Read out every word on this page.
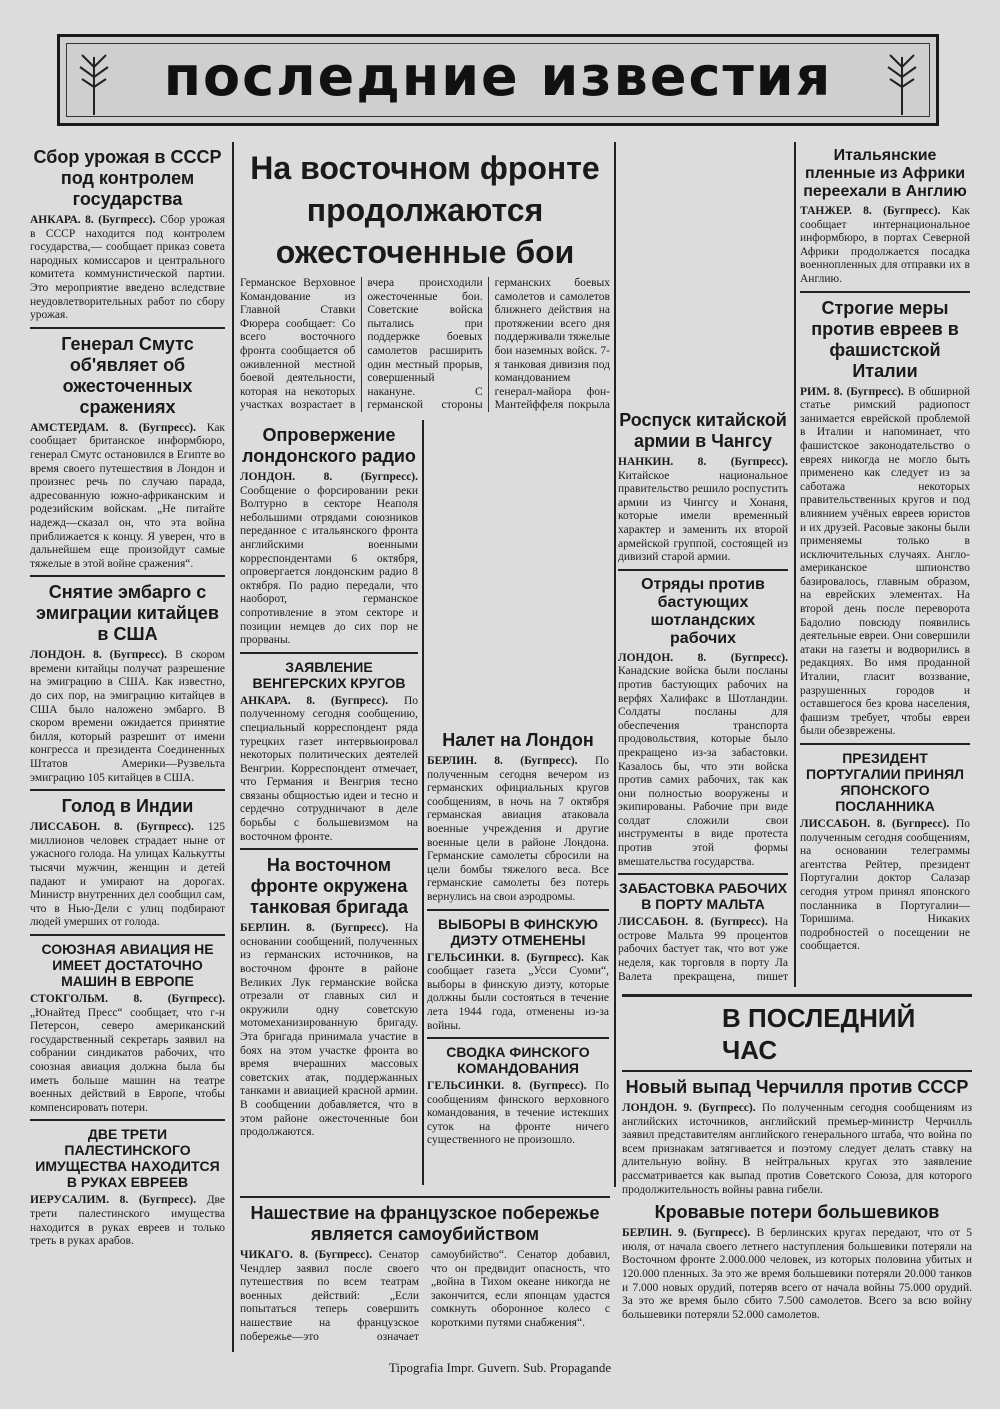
последние известия
Сбор урожая в СССР под контролем государства

АНКАРА. 8. (Бугпресс). Сбор урожая в СССР находится под контролем государства,— сообщает приказ совета народных комиссаров и центрального комитета коммунистической партии. Это мероприятие введено вследствие неудовлетворительных работ по сбору урожая.

Генерал Смутс об'являет об ожесточенных сражениях

АМСТЕРДАМ. 8. (Бугпресс). Как сообщает британское информбюро, генерал Смутс остановился в Египте во время своего путешествия в Лондон и произнес речь по случаю парада, адресованную южно-африканским и родезийским войскам. „Не питайте надежд—сказал он, что эта война приближается к концу. Я уверен, что в дальнейшем еще произойдут самые тяжелые в этой войне сражения“.

Снятие эмбарго с эмиграции китайцев в США

ЛОНДОН. 8. (Бугпресс). В скором времени китайцы получат разрешение на эмиграцию в США. Как известно, до сих пор, на эмиграцию китайцев в США было наложено эмбарго. В скором времени ожидается принятие билля, который разрешит от имени конгресса и президента Соединенных Штатов Америки—Рузвельта эмиграцию 105 китайцев в США.

Голод в Индии

ЛИССАБОН. 8. (Бугпресс). 125 миллионов человек страдает ныне от ужасного голода. На улицах Калькутты тысячи мужчин, женщин и детей падают и умирают на дорогах. Министр внутренних дел сообщил сам, что в Нью-Дели с улиц подбирают людей умерших от голода.

СОЮЗНАЯ АВИАЦИЯ НЕ ИМЕЕТ ДОСТАТОЧНО МАШИН В ЕВРОПЕ

СТОКГОЛЬМ. 8. (Бугпресс). „Юнайтед Пресс“ сообщает, что г-н Петерсон, северо американский государственный секретарь заявил на собрании синдикатов рабочих, что союзная авиация должна была бы иметь больше машин на театре военных действий в Европе, чтобы компенсировать потери.

ДВЕ ТРЕТИ ПАЛЕСТИНСКОГО ИМУЩЕСТВА НАХОДИТСЯ В РУКАХ ЕВРЕЕВ

ИЕРУСАЛИМ. 8. (Бугпресс). Две трети палестинского имущества находится в руках евреев и только треть в руках арабов.

На восточном фронте продолжаются ожесточенные бои

Германское Верховное Командование из Главной Ставки Фюрера сообщает: Со всего восточного фронта сообщается об оживленной местной боевой деятельности, которая на некоторых участках возрастает в вчера происходили ожесточенные бои. Советские войска пытались при поддержке боевых самолетов расширить один местный прорыв, совершенный накануне. С германской стороны германских боевых самолетов и самолетов ближнего действия на протяжении всего дня поддерживали тяжелые бои наземных войск. 7-я танковая дивизия под командованием генерал-майора фон-Мантейффеля покрыла

Опровержение лондонского радио

ЛОНДОН. 8. (Бугпресс). Сообщение о форсировании реки Волтурно в секторе Неаполя небольшими отрядами союзников переданное с итальянского фронта английскими военными корреспондентами 6 октября, опровергается лондонским радио 8 октября. По радио передали, что наоборот, германское сопротивление в этом секторе и позиции немцев до сих пор не прорваны.

ЗАЯВЛЕНИЕ ВЕНГЕРСКИХ КРУГОВ

АНКАРА. 8. (Бугпресс). По полученному сегодня сообщению, специальный корреспондент ряда турецких газет интервьюировал некоторых политических деятелей Венгрии. Корреспондент отмечает, что Германия и Венгрия тесно связаны общностью идеи и тесно и сердечно сотрудничают в деле борьбы с большевизмом на восточном фронте.

На восточном фронте окружена танковая бригада

БЕРЛИН. 8. (Бугпресс). На основании сообщений, полученных из германских источников, на восточном фронте в районе Великих Лук германские войска отрезали от главных сил и окружили одну советскую мотомеханизированную бригаду. Эта бригада принимала участие в боях на этом участке фронта во время вчерашних массовых советских атак, поддержанных танками и авиацией красной армии. В сообщении добавляется, что в этом районе ожесточенные бои продолжаются.

Налет на Лондон

БЕРЛИН. 8. (Бугпресс). По полученным сегодня вечером из германских официальных кругов сообщениям, в ночь на 7 октября германская авиация атаковала военные учреждения и другие военные цели в районе Лондона. Германские самолеты сбросили на цели бомбы тяжелого веса. Все германские самолеты без потерь вернулись на свои аэродромы.

ВЫБОРЫ В ФИНСКУЮ ДИЭТУ ОТМЕНЕНЫ

ГЕЛЬСИНКИ. 8. (Бугпресс). Как сообщает газета „Усси Суоми“, выборы в финскую диэту, которые должны были состояться в течение лета 1944 года, отменены из-за войны.

СВОДКА ФИНСКОГО КОМАНДОВАНИЯ

ГЕЛЬСИНКИ. 8. (Бугпресс). По сообщениям финского верховного командования, в течение истекших суток на фронте ничего существенного не произошло.

Роспуск китайской армии в Чангсу

НАНКИН. 8. (Бугпресс). Китайское национальное правительство решило роспустить армии из Чингсу и Хонаня, которые имели временный характер и заменить их второй армейской группой, состоящей из дивизий старой армии.

Отряды против бастующих шотландских рабочих

ЛОНДОН. 8. (Бугпресс). Канадские войска были посланы против бастующих рабочих на верфях Халифакс в Шотландии. Солдаты посланы для обеспечения транспорта продовольствия, которые было прекращено из-за забастовки. Казалось бы, что эти войска против самих рабочих, так как они полностью вооружены и экипированы. Рабочие при виде солдат сложили свои инструменты в виде протеста против этой формы вмешательства государства.

ЗАБАСТОВКА РАБОЧИХ В ПОРТУ МАЛЬТА

ЛИССАБОН. 8. (Бугпресс). На острове Мальта 99 процентов рабочих бастует так, что вот уже неделя, как торговля в порту Ла Валета прекращена, пишет

Итальянские пленные из Африки переехали в Англию

ТАНЖЕР. 8. (Бугпресс). Как сообщает интернациональное информбюро, в портах Северной Африки продолжается посадка военнопленных для отправки их в Англию.

Строгие меры против евреев в фашистской Италии

РИМ. 8. (Бугпресс). В обширной статье римский радиопост занимается еврейской проблемой в Италии и напоминает, что фашистское законодательство о евреях никогда не могло быть применено как следует из за саботажа некоторых правительственных кругов и под влиянием учёных евреев юристов и их друзей. Расовые законы были применяемы только в исключительных случаях. Англо-американское шпионство базировалось, главным образом, на еврейских элементах. На второй день после переворота Бадолио повсюду появились деятельные евреи. Они совершили атаки на газеты и водворились в редакциях. Во имя проданной Италии, гласит воззвание, разрушенных городов и оставшегося без крова населения, фашизм требует, чтобы евреи были обезврежены.

ПРЕЗИДЕНТ ПОРТУГАЛИИ ПРИНЯЛ ЯПОНСКОГО ПОСЛАННИКА

ЛИССАБОН. 8. (Бугпресс). По полученным сегодня сообщениям, на основании телеграммы агентства Рейтер, президент Португалии доктор Салазар сегодня утром принял японского посланника в Португалии—Торишима. Никаких подробностей о посещении не сообщается.

Нашествие на французское побережье является самоубийством

ЧИКАГО. 8. (Бугпресс). Сенатор Чендлер заявил после своего путешествия по всем театрам военных действий: „Если попытаться теперь совершить нашествие на французское побережье—это означает самоубийство“. Сенатор добавил, что он предвидит опасность, что „война в Тихом океане никогда не закончится, если японцам удастся сомкнуть оборонное колесо с короткими путями снабжения“.

В ПОСЛЕДНИЙ ЧАС
Новый выпад Черчилля против СССР

ЛОНДОН. 9. (Бугпресс). По полученным сегодня сообщениям из английских источников, английский премьер-министр Черчилль заявил представителям английского генерального штаба, что война по всем признакам затягивается и поэтому следует делать ставку на длительную войну. В нейтральных кругах это заявление рассматривается как выпад против Советского Союза, для которого продолжительность войны равна гибели.

Кровавые потери большевиков

БЕРЛИН. 9. (Бугпресс). В берлинских кругах передают, что от 5 июля, от начала своего летнего наступления большевики потеряли на Восточном фронте 2.000.000 человек, из которых половина убитых и 120.000 пленных. За это же время большевики потеряли 20.000 танков и 7.000 новых орудий, потеряв всего от начала войны 75.000 орудий. За это же время было сбито 7.500 самолетов. Всего за всю войну большевики потеряли 52.000 самолетов.

Tipografia Impr. Guvern. Sub. Propagande
